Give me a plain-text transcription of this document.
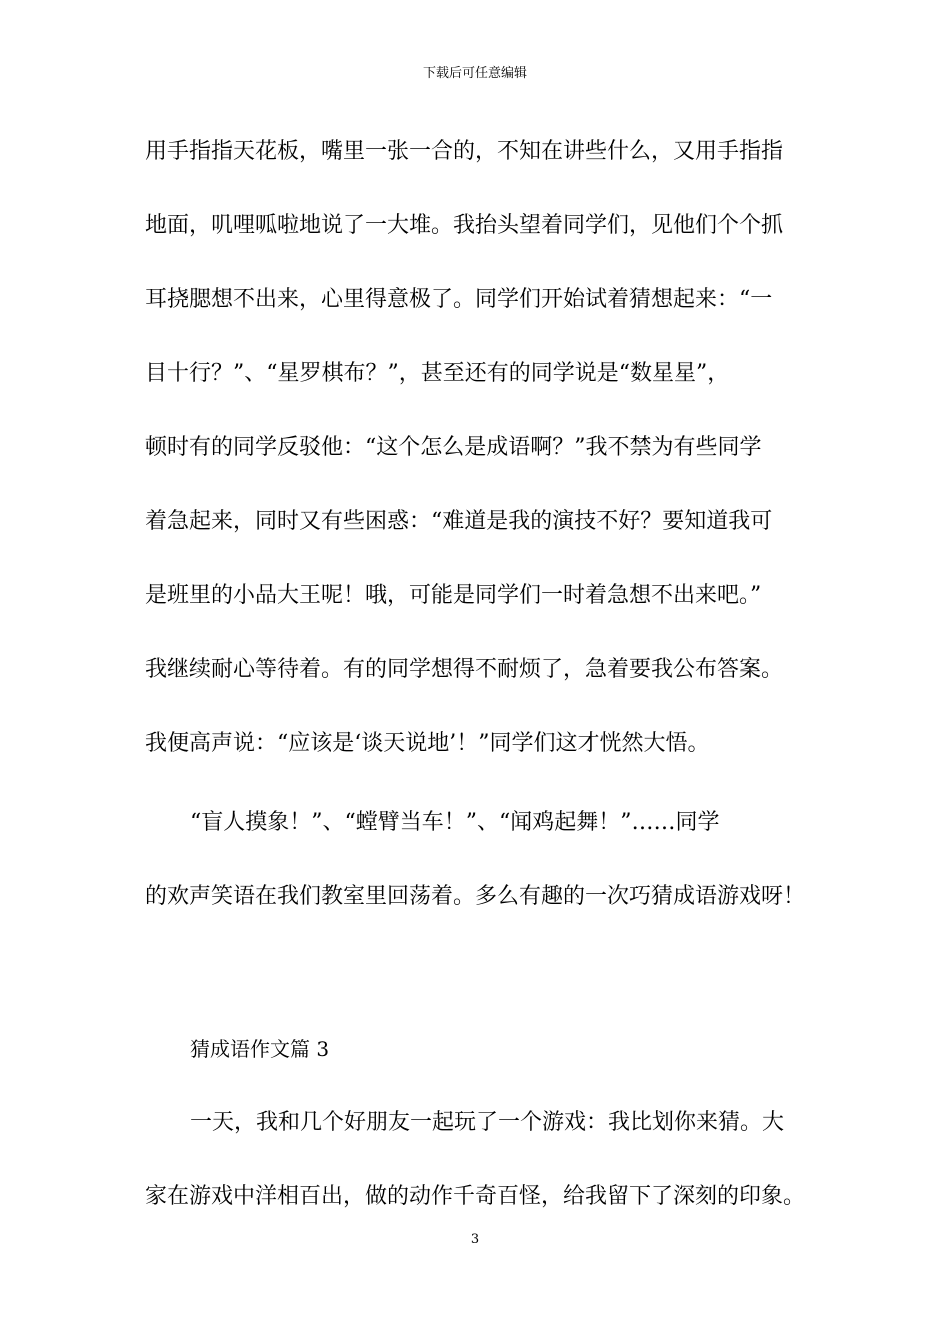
下载后可任意编辑
用手指指天花板，嘴里一张一合的，不知在讲些什么，又用手指指
地面，叽哩呱啦地说了一大堆。我抬头望着同学们，见他们个个抓
耳挠腮想不出来，心里得意极了。同学们开始试着猜想起来：“一
目十行？”、“星罗棋布？”，甚至还有的同学说是“数星星”，
顿时有的同学反驳他：“这个怎么是成语啊？”我不禁为有些同学
着急起来，同时又有些困惑：“难道是我的演技不好？要知道我可
是班里的小品大王呢！哦，可能是同学们一时着急想不出来吧。”
我继续耐心等待着。有的同学想得不耐烦了，急着要我公布答案。
我便高声说：“应该是‘谈天说地’！”同学们这才恍然大悟。
“盲人摸象！”、“螳臂当车！”、“闻鸡起舞！”……同学
的欢声笑语在我们教室里回荡着。多么有趣的一次巧猜成语游戏呀！
猜成语作文篇 3
一天，我和几个好朋友一起玩了一个游戏：我比划你来猜。大
家在游戏中洋相百出，做的动作千奇百怪，给我留下了深刻的印象。
3
